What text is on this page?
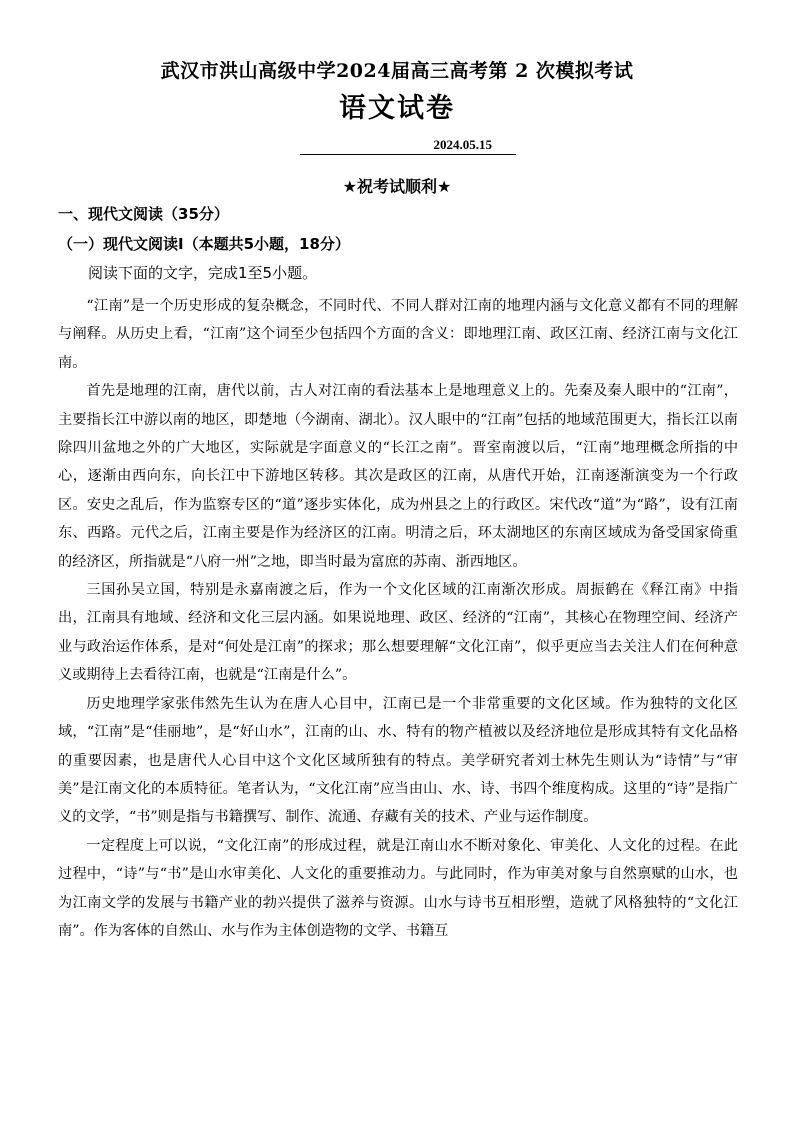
武汉市洪山高级中学2024届高三高考第 2 次模拟考试
语文试卷
2024.05.15
★祝考试顺利★
一、现代文阅读（35分）
（一）现代文阅读Ⅰ（本题共5小题，18分）
阅读下面的文字，完成1至5小题。

“江南”是一个历史形成的复杂概念，不同时代、不同人群对江南的地理内涵与文化意义都有不同的理解与阐释。从历史上看，“江南”这个词至少包括四个方面的含义：即地理江南、政区江南、经济江南与文化江南。

首先是地理的江南，唐代以前，古人对江南的看法基本上是地理意义上的。先秦及秦人眼中的“江南”，主要指长江中游以南的地区，即楚地（今湖南、湖北）。汉人眼中的“江南”包括的地域范围更大，指长江以南除四川盆地之外的广大地区，实际就是字面意义的“长江之南”。晋室南渡以后，“江南”地理概念所指的中心，逐渐由西向东，向长江中下游地区转移。其次是政区的江南，从唐代开始，江南逐渐演变为一个行政区。安史之乱后，作为监察专区的“道”逐步实体化，成为州县之上的行政区。宋代改“道”为“路”，设有江南东、西路。元代之后，江南主要是作为经济区的江南。明清之后，环太湖地区的东南区域成为备受国家倚重的经济区，所指就是“八府一州”之地，即当时最为富庶的苏南、浙西地区。

三国孙吴立国，特别是永嘉南渡之后，作为一个文化区域的江南渐次形成。周振鹤在《释江南》中指出，江南具有地域、经济和文化三层内涵。如果说地理、政区、经济的“江南”，其核心在物理空间、经济产业与政治运作体系，是对“何处是江南”的探求；那么想要理解“文化江南”，似乎更应当去关注人们在何种意义或期待上去看待江南，也就是“江南是什么”。

历史地理学家张伟然先生认为在唐人心目中，江南已是一个非常重要的文化区域。作为独特的文化区域，“江南”是“佳丽地”，是“好山水”，江南的山、水、特有的物产植被以及经济地位是形成其特有文化品格的重要因素，也是唐代人心目中这个文化区域所独有的特点。美学研究者刘士林先生则认为“诗情”与“审美”是江南文化的本质特征。笔者认为，“文化江南”应当由山、水、诗、书四个维度构成。这里的“诗”是指广义的文学，“书”则是指与书籍撰写、制作、流通、存藏有关的技术、产业与运作制度。

一定程度上可以说，“文化江南”的形成过程，就是江南山水不断对象化、审美化、人文化的过程。在此过程中，“诗”与“书”是山水审美化、人文化的重要推动力。与此同时，作为审美对象与自然禀赋的山水，也为江南文学的发展与书籍产业的勃兴提供了滋养与资源。山水与诗书互相形塑，造就了风格独特的“文化江南”。作为客体的自然山、水与作为主体创造物的文学、书籍互
